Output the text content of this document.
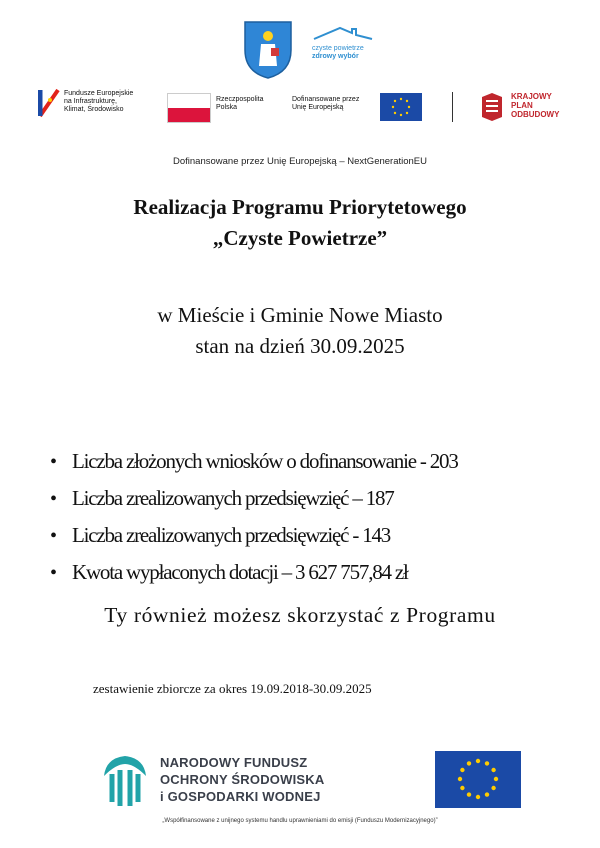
czyste powietrze
zdrowy wybór
Fundusze Europejskie
na Infrastrukturę,
Klimat, Środowisko
Rzeczpospolita
Polska
Dofinansowane przez
Unię Europejską
KRAJOWY
PLAN
ODBUDOWY
Dofinansowane przez Unię Europejską – NextGenerationEU
Realizacja Programu Priorytetowego
„Czyste Powietrze”
w Mieście i Gminie Nowe Miasto
stan na dzień 30.09.2025
• Liczba złożonych wniosków o dofinansowanie - 203
• Liczba zrealizowanych przedsięwzięć – 187
• Liczba zrealizowanych przedsięwzięć - 143
• Kwota wypłaconych dotacji – 3 627 757,84 zł
Ty również możesz skorzystać z Programu
zestawienie zbiorcze za okres 19.09.2018-30.09.2025
NARODOWY FUNDUSZ
OCHRONY ŚRODOWISKA
i GOSPODARKI WODNEJ
„Współfinansowane z unijnego systemu handlu uprawnieniami do emisji (Funduszu Modernizacyjnego)”
